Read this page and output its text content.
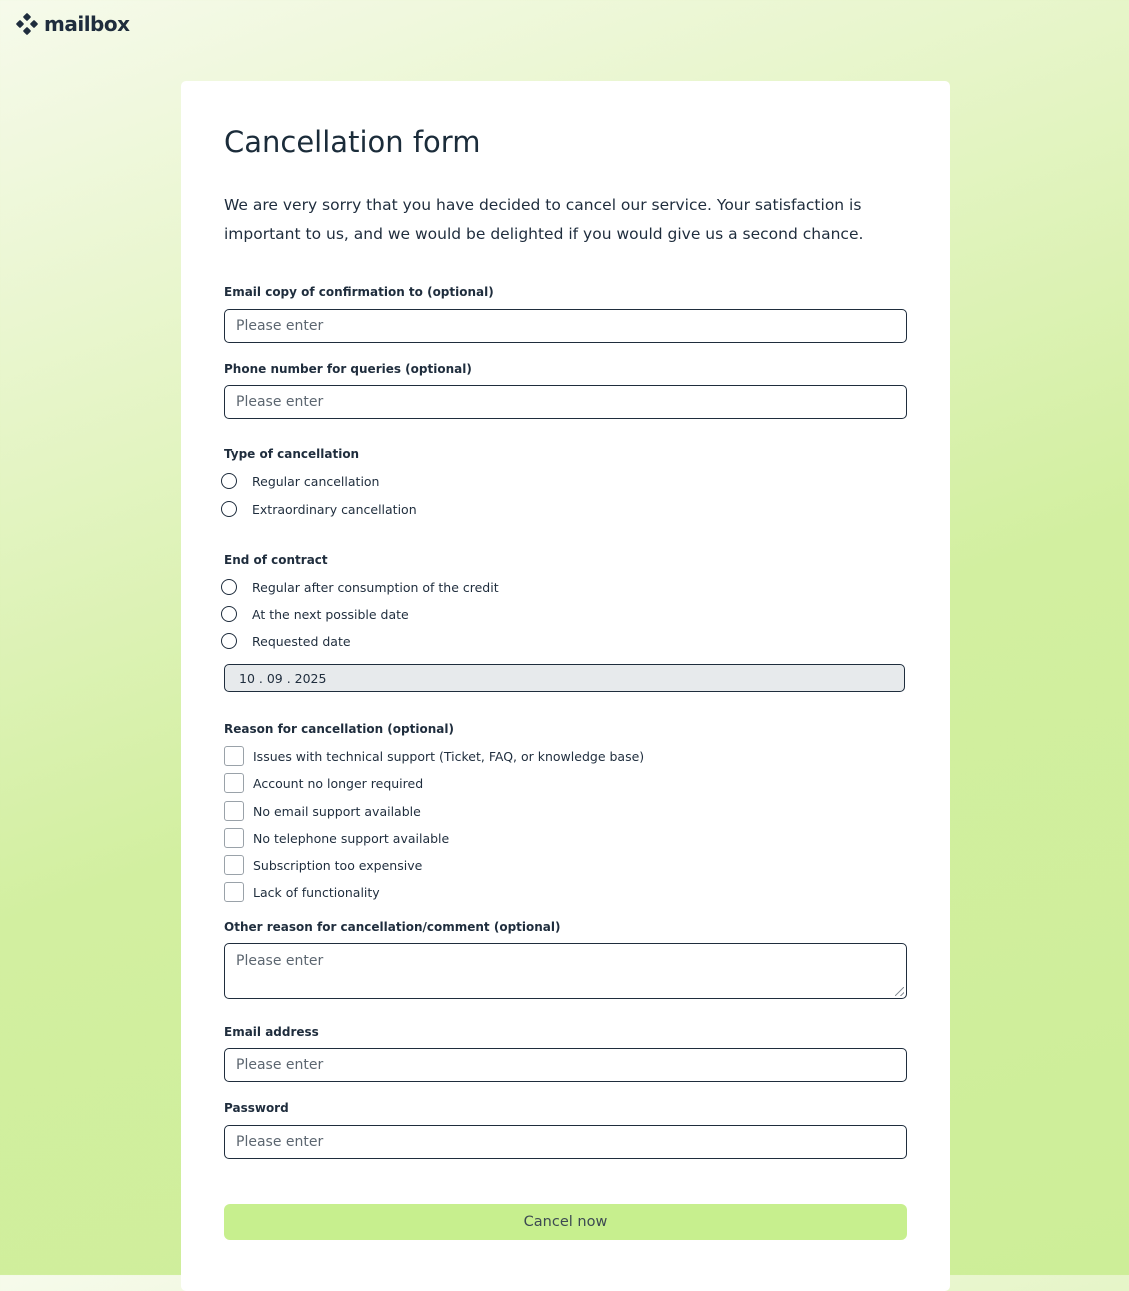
mailbox
Cancellation form

We are very sorry that you have decided to cancel our service. Your satisfaction is important to us, and we would be delighted if you would give us a second chance.

Email copy of confirmation to (optional)
Please enter
Phone number for queries (optional)
Please enter
Type of cancellation
Regular cancellation
Extraordinary cancellation
End of contract
Regular after consumption of the credit
At the next possible date
Requested date
10 . 09 . 2025
Reason for cancellation (optional)
Issues with technical support (Ticket, FAQ, or knowledge base)
Account no longer required
No email support available
No telephone support available
Subscription too expensive
Lack of functionality
Other reason for cancellation/comment (optional)
Please enter
Email address
Please enter
Password
Cancel now
